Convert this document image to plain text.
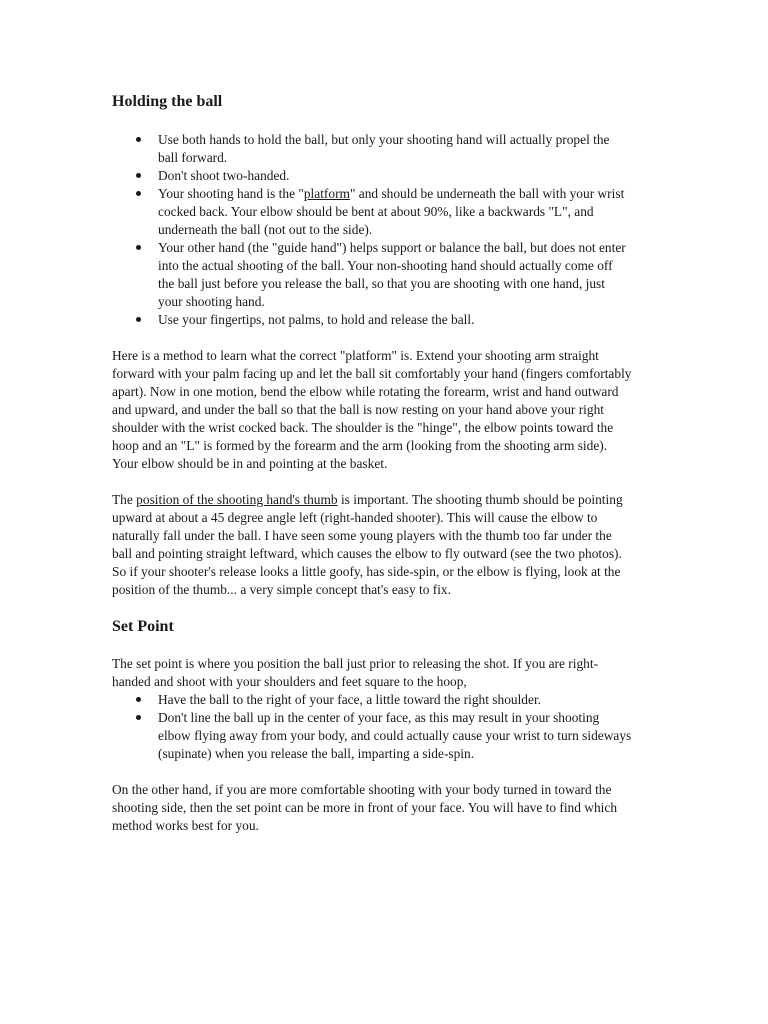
Holding the ball
Use both hands to hold the ball, but only your shooting hand will actually propel the ball forward.
Don't shoot two-handed.
Your shooting hand is the "platform" and should be underneath the ball with your wrist cocked back. Your elbow should be bent at about 90%, like a backwards "L", and underneath the ball (not out to the side).
Your other hand (the "guide hand") helps support or balance the ball, but does not enter into the actual shooting of the ball. Your non-shooting hand should actually come off the ball just before you release the ball, so that you are shooting with one hand, just your shooting hand.
Use your fingertips, not palms, to hold and release the ball.

Here is a method to learn what the correct "platform" is. Extend your shooting arm straight forward with your palm facing up and let the ball sit comfortably your hand (fingers comfortably apart). Now in one motion, bend the elbow while rotating the forearm, wrist and hand outward and upward, and under the ball so that the ball is now resting on your hand above your right shoulder with the wrist cocked back. The shoulder is the "hinge", the elbow points toward the hoop and an "L" is formed by the forearm and the arm (looking from the shooting arm side). Your elbow should be in and pointing at the basket.

The position of the shooting hand's thumb is important. The shooting thumb should be pointing upward at about a 45 degree angle left (right-handed shooter). This will cause the elbow to naturally fall under the ball. I have seen some young players with the thumb too far under the ball and pointing straight leftward, which causes the elbow to fly outward (see the two photos). So if your shooter's release looks a little goofy, has side-spin, or the elbow is flying, look at the position of the thumb... a very simple concept that's easy to fix.

Set Point

The set point is where you position the ball just prior to releasing the shot. If you are right-handed and shoot with your shoulders and feet square to the hoop,

Have the ball to the right of your face, a little toward the right shoulder.
Don't line the ball up in the center of your face, as this may result in your shooting elbow flying away from your body, and could actually cause your wrist to turn sideways (supinate) when you release the ball, imparting a side-spin.

On the other hand, if you are more comfortable shooting with your body turned in toward the shooting side, then the set point can be more in front of your face. You will have to find which method works best for you.
